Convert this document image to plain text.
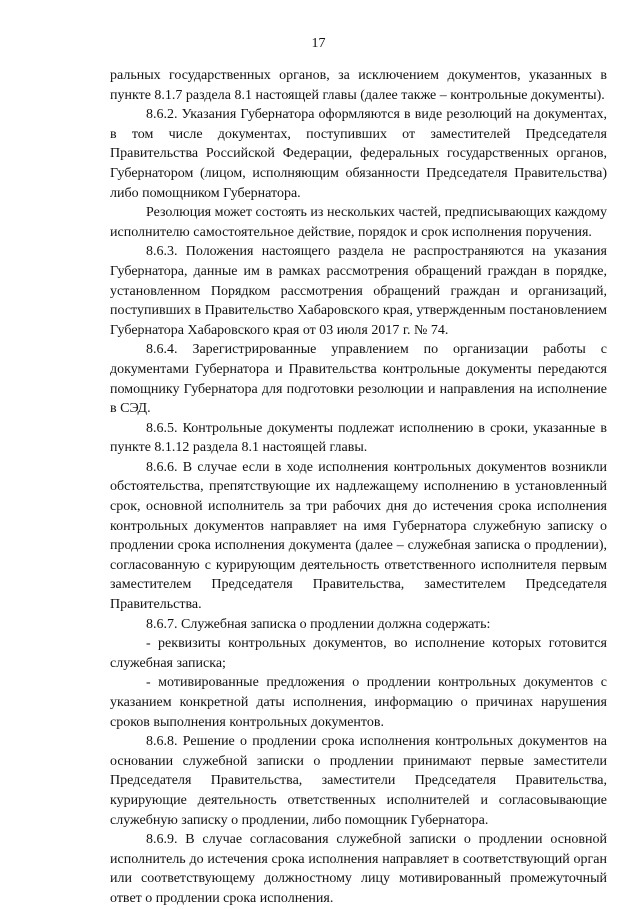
17

ральных государственных органов, за исключением документов, указанных в пункте 8.1.7 раздела 8.1 настоящей главы (далее также – контрольные документы).

8.6.2. Указания Губернатора оформляются в виде резолюций на документах, в том числе документах, поступивших от заместителей Председателя Правительства Российской Федерации, федеральных государственных органов, Губернатором (лицом, исполняющим обязанности Председателя Правительства) либо помощником Губернатора.

Резолюция может состоять из нескольких частей, предписывающих каждому исполнителю самостоятельное действие, порядок и срок исполнения поручения.

8.6.3. Положения настоящего раздела не распространяются на указания Губернатора, данные им в рамках рассмотрения обращений граждан в порядке, установленном Порядком рассмотрения обращений граждан и организаций, поступивших в Правительство Хабаровского края, утвержденным постановлением Губернатора Хабаровского края от 03 июля 2017 г. № 74.

8.6.4. Зарегистрированные управлением по организации работы с документами Губернатора и Правительства контрольные документы передаются помощнику Губернатора для подготовки резолюции и направления на исполнение в СЭД.

8.6.5. Контрольные документы подлежат исполнению в сроки, указанные в пункте 8.1.12 раздела 8.1 настоящей главы.

8.6.6. В случае если в ходе исполнения контрольных документов возникли обстоятельства, препятствующие их надлежащему исполнению в установленный срок, основной исполнитель за три рабочих дня до истечения срока исполнения контрольных документов направляет на имя Губернатора служебную записку о продлении срока исполнения документа (далее – служебная записка о продлении), согласованную с курирующим деятельность ответственного исполнителя первым заместителем Председателя Правительства, заместителем Председателя Правительства.

8.6.7. Служебная записка о продлении должна содержать:

- реквизиты контрольных документов, во исполнение которых готовится служебная записка;

- мотивированные предложения о продлении контрольных документов с указанием конкретной даты исполнения, информацию о причинах нарушения сроков выполнения контрольных документов.

8.6.8. Решение о продлении срока исполнения контрольных документов на основании служебной записки о продлении принимают первые заместители Председателя Правительства, заместители Председателя Правительства, курирующие деятельность ответственных исполнителей и согласовывающие служебную записку о продлении, либо помощник Губернатора.

8.6.9. В случае согласования служебной записки о продлении основной исполнитель до истечения срока исполнения направляет в соответствующий орган или соответствующему должностному лицу мотивированный промежуточный ответ о продлении срока исполнения.
